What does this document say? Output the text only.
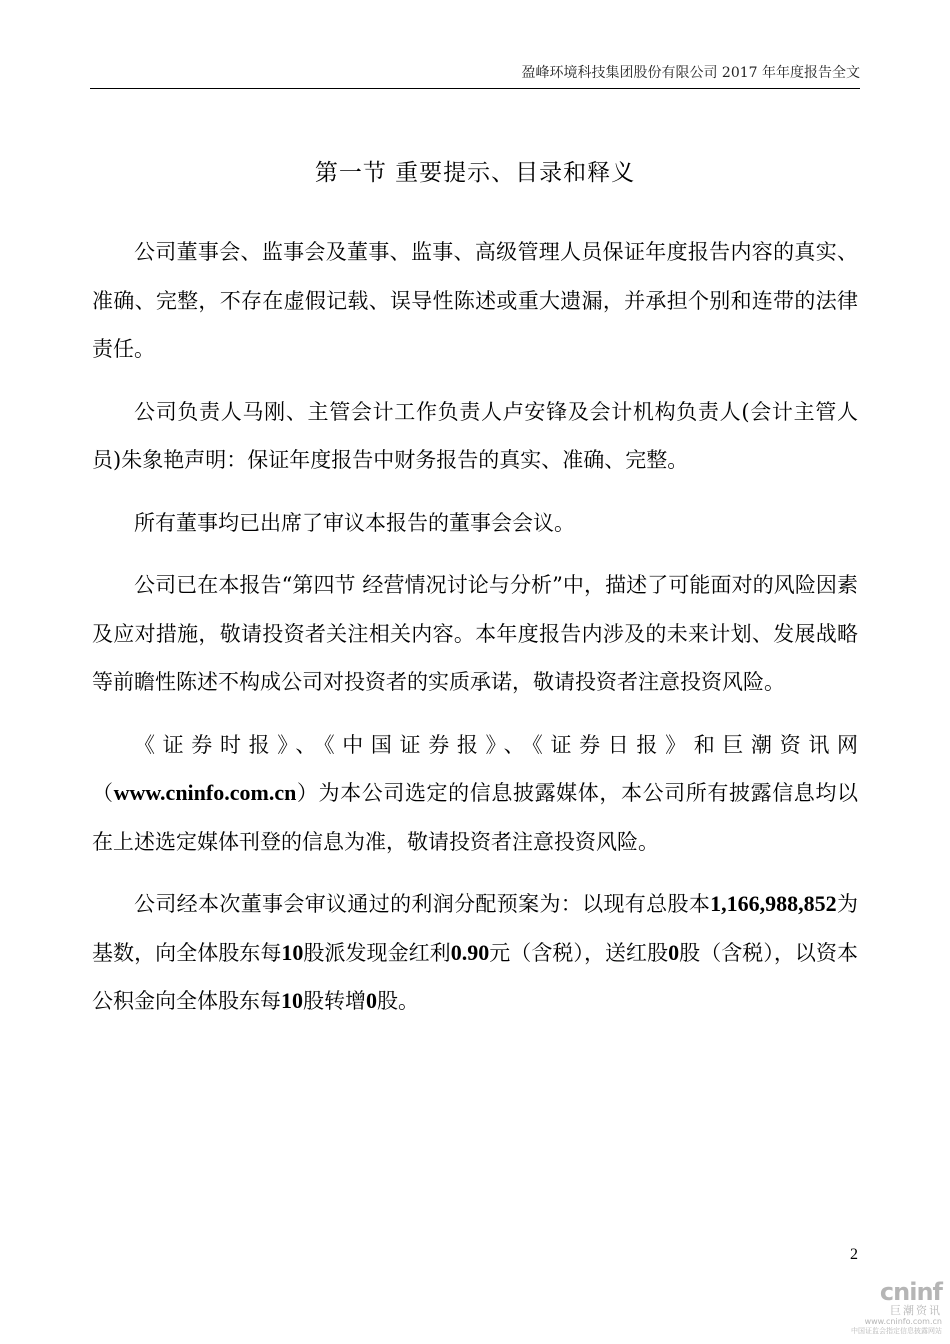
盈峰环境科技集团股份有限公司 2017 年年度报告全文
第一节 重要提示、目录和释义

公司董事会、监事会及董事、监事、高级管理人员保证年度报告内容的真实、准确、完整，不存在虚假记载、误导性陈述或重大遗漏，并承担个别和连带的法律责任。

公司负责人马刚、主管会计工作负责人卢安锋及会计机构负责人(会计主管人员)朱象艳声明：保证年度报告中财务报告的真实、准确、完整。

所有董事均已出席了审议本报告的董事会会议。

公司已在本报告“第四节 经营情况讨论与分析”中，描述了可能面对的风险因素及应对措施，敬请投资者关注相关内容。本年度报告内涉及的未来计划、发展战略等前瞻性陈述不构成公司对投资者的实质承诺，敬请投资者注意投资风险。

《证券时报》、《中国证券报》、《证券日报》和巨潮资讯网（www.cninfo.com.cn）为本公司选定的信息披露媒体，本公司所有披露信息均以在上述选定媒体刊登的信息为准，敬请投资者注意投资风险。

公司经本次董事会审议通过的利润分配预案为：以现有总股本1,166,988,852为基数，向全体股东每10股派发现金红利0.90元（含税），送红股0股（含税），以资本公积金向全体股东每10股转增0股。

2
cninf
巨潮资讯
www.cninfo.com.cn
中国证监会指定信息披露网站
